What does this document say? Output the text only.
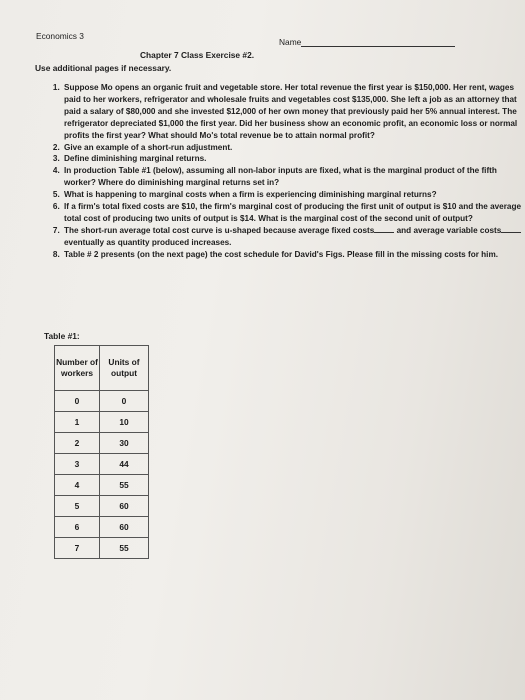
Economics 3
Name
Chapter 7 Class Exercise #2.
Use additional pages if necessary.
1. Suppose Mo opens an organic fruit and vegetable store. Her total revenue the first year is $150,000. Her rent, wages paid to her workers, refrigerator and wholesale fruits and vegetables cost $135,000. She left a job as an attorney that paid a salary of $80,000 and she invested $12,000 of her own money that previously paid her 5% annual interest. The refrigerator depreciated $1,000 the first year. Did her business show an economic profit, an economic loss or normal profits the first year? What should Mo's total revenue be to attain normal profit?
2. Give an example of a short-run adjustment.
3. Define diminishing marginal returns.
4. In production Table #1 (below), assuming all non-labor inputs are fixed, what is the marginal product of the fifth worker? Where do diminishing marginal returns set in?
5. What is happening to marginal costs when a firm is experiencing diminishing marginal returns?
6. If a firm's total fixed costs are $10, the firm's marginal cost of producing the first unit of output is $10 and the average total cost of producing two units of output is $14. What is the marginal cost of the second unit of output?
7. The short-run average total cost curve is u-shaped because average fixed costs	and average variable costs eventually as quantity produced increases.
8. Table # 2 presents (on the next page) the cost schedule for David's Figs. Please fill in the missing costs for him.
Table #1:
Number of workers	Units of output
0	0
1	10
2	30
3	44
4	55
5	60
6	60
7	55
